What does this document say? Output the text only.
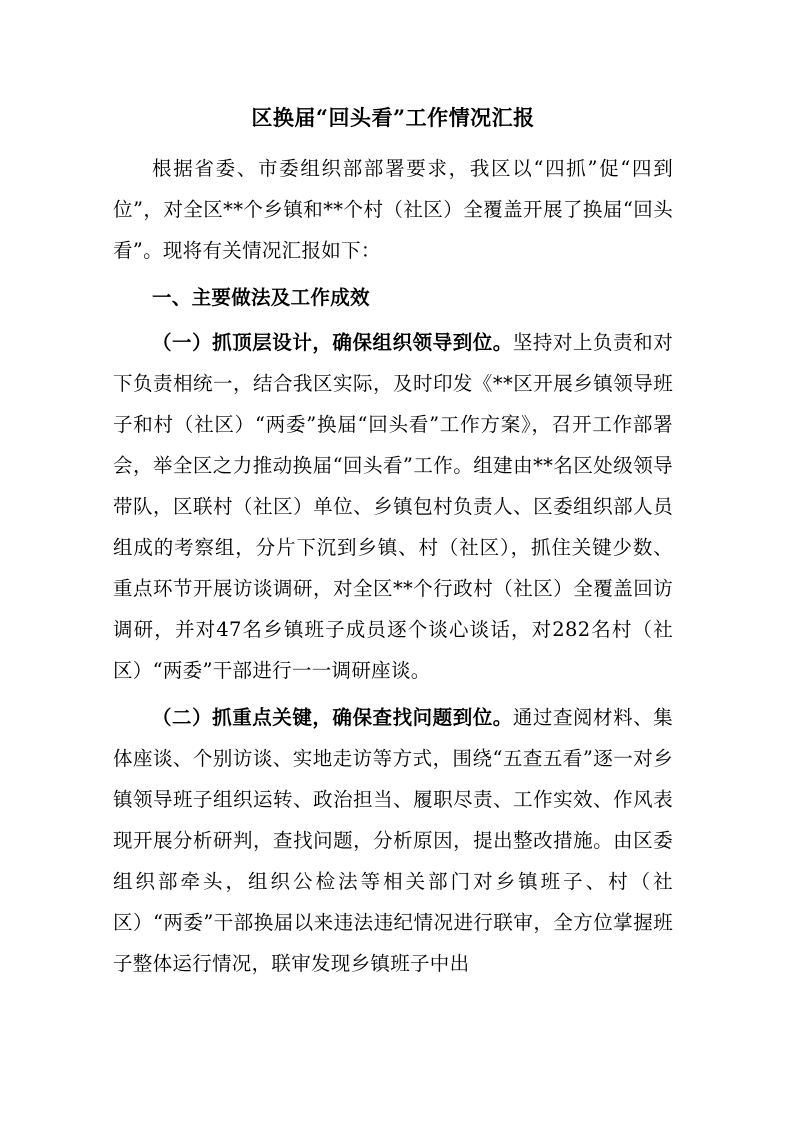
区换届“回头看”工作情况汇报

根据省委、市委组织部部署要求，我区以“四抓”促“四到位”，对全区**个乡镇和**个村（社区）全覆盖开展了换届“回头看”。现将有关情况汇报如下：

一、主要做法及工作成效

（一）抓顶层设计，确保组织领导到位。坚持对上负责和对下负责相统一，结合我区实际，及时印发《**区开展乡镇领导班子和村（社区）“两委”换届“回头看”工作方案》，召开工作部署会，举全区之力推动换届“回头看”工作。组建由**名区处级领导带队，区联村（社区）单位、乡镇包村负责人、区委组织部人员组成的考察组，分片下沉到乡镇、村（社区），抓住关键少数、重点环节开展访谈调研，对全区**个行政村（社区）全覆盖回访调研，并对47名乡镇班子成员逐个谈心谈话，对282名村（社区）“两委”干部进行一一调研座谈。

（二）抓重点关键，确保查找问题到位。通过查阅材料、集体座谈、个别访谈、实地走访等方式，围绕“五查五看”逐一对乡镇领导班子组织运转、政治担当、履职尽责、工作实效、作风表现开展分析研判，查找问题，分析原因，提出整改措施。由区委组织部牵头，组织公检法等相关部门对乡镇班子、村（社区）“两委”干部换届以来违法违纪情况进行联审，全方位掌握班子整体运行情况，联审发现乡镇班子中出
